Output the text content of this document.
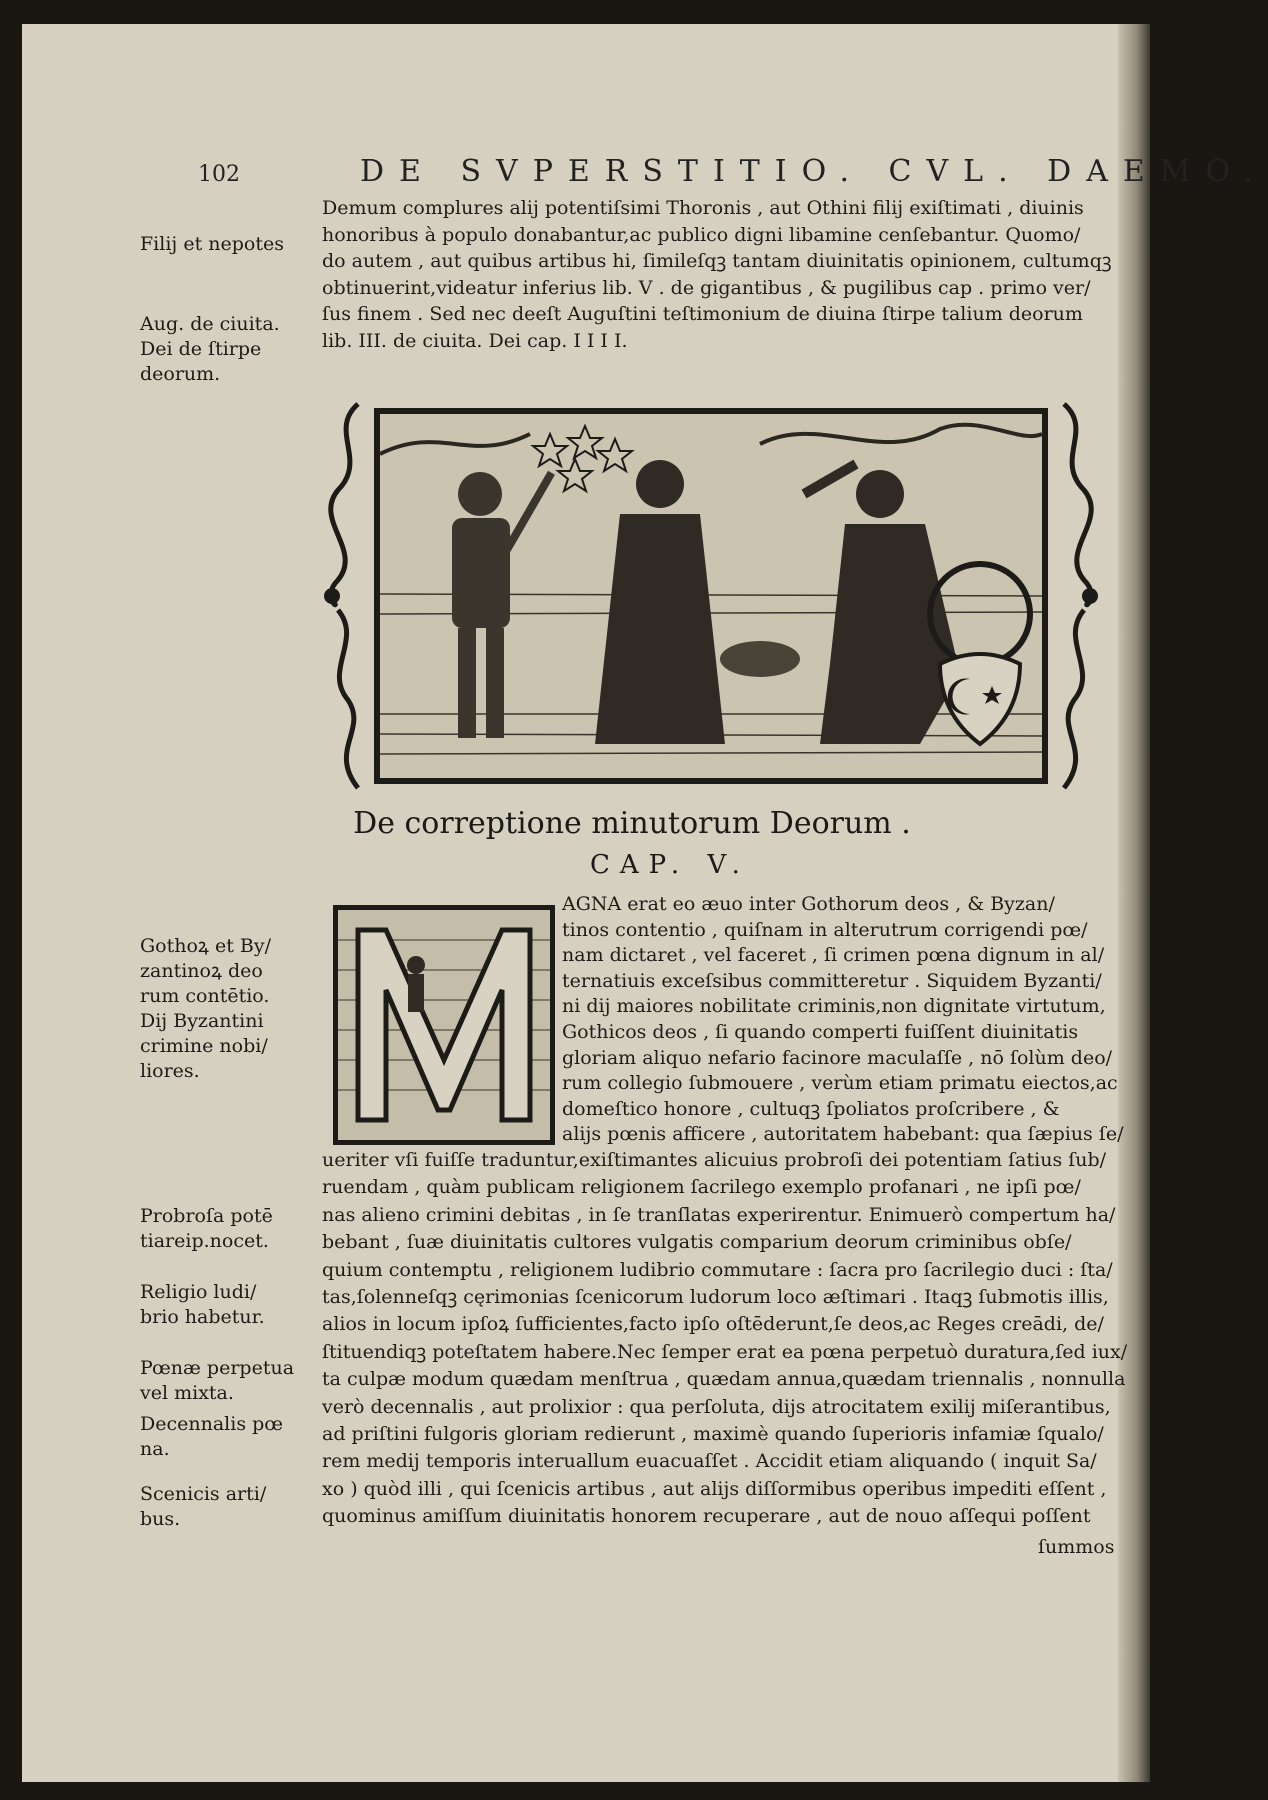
102	DE SVPERSTITIO. CVL. DAEMO.
Filij et nepotes
Aug. de ciuita.
Dei de ſtirpe
deorum.
Gothoꝝ et By/
zantinoꝝ deo
rum contētio.
Dij Byzantini
crimine nobi/
liores.
Probroſa potē
tiareip.nocet.
Religio ludi/
brio habetur.
Pœnæ perpetua
vel mixta.
Decennalis pœ
na.
Scenicis arti/
bus.
Demum complures alij potentiſsimi Thoronis , aut Othini filij exiſtimati , diuinis
honoribus à populo donabantur,ac publico digni libamine cenſebantur. Quomo/
do autem , aut quibus artibus hi, ſimileſqꝫ tantam diuinitatis opinionem, cultumqꝫ
obtinuerint,videatur inferius lib. V . de gigantibus , & pugilibus cap . primo ver/
ſus finem . Sed nec deeſt Auguſtini teſtimonium de diuina ſtirpe talium deorum
lib. III. de ciuita. Dei cap. I I I I.
De correptione minutorum Deorum .
CAP. V.
AGNA erat eo æuo inter Gothorum deos , & Byzan/
tinos contentio , quiſnam in alterutrum corrigendi pœ/
nam dictaret , vel faceret , ſi crimen pœna dignum in al/
ternatiuis exceſsibus committeretur . Siquidem Byzanti/
ni dij maiores nobilitate criminis,non dignitate virtutum,
Gothicos deos , ſi quando comperti fuiſſent diuinitatis
gloriam aliquo nefario facinore maculaſſe , nō ſolùm deo/
rum collegio ſubmouere , verùm etiam primatu eiectos,ac
domeſtico honore , cultuqꝫ ſpoliatos proſcribere , &
alijs pœnis afficere , autoritatem habebant: qua ſæpius ſe/
ueriter vſi fuiſſe traduntur,exiſtimantes alicuius probroſi dei potentiam ſatius ſub/
ruendam , quàm publicam religionem ſacrilego exemplo profanari , ne ipſi pœ/
nas alieno crimini debitas , in ſe tranſlatas experirentur. Enimuerò compertum ha/
bebant , ſuæ diuinitatis cultores vulgatis comparium deorum criminibus obſe/
quium contemptu , religionem ludibrio commutare : ſacra pro ſacrilegio duci : ſta/
tas,ſolenneſqꝫ cęrimonias ſcenicorum ludorum loco æſtimari . Itaqꝫ ſubmotis illis,
alios in locum ipſoꝝ ſufficientes,facto ipſo oſtēderunt,ſe deos,ac Reges creādi, de/
ſtituendiqꝫ poteſtatem habere.Nec ſemper erat ea pœna perpetuò duratura,ſed iux/
ta culpæ modum quædam menſtrua , quædam annua,quædam triennalis , nonnulla
verò decennalis , aut prolixior : qua perſoluta, dijs atrocitatem exilij miſerantibus,
ad priſtini fulgoris gloriam redierunt , maximè quando ſuperioris infamiæ ſqualo/
rem medij temporis interuallum euacuaſſet . Accidit etiam aliquando ( inquit Sa/
xo ) quòd illi , qui ſcenicis artibus , aut alijs diſſormibus operibus impediti eſſent ,
quominus amiſſum diuinitatis honorem recuperare , aut de nouo aſſequi poſſent
ſummos
